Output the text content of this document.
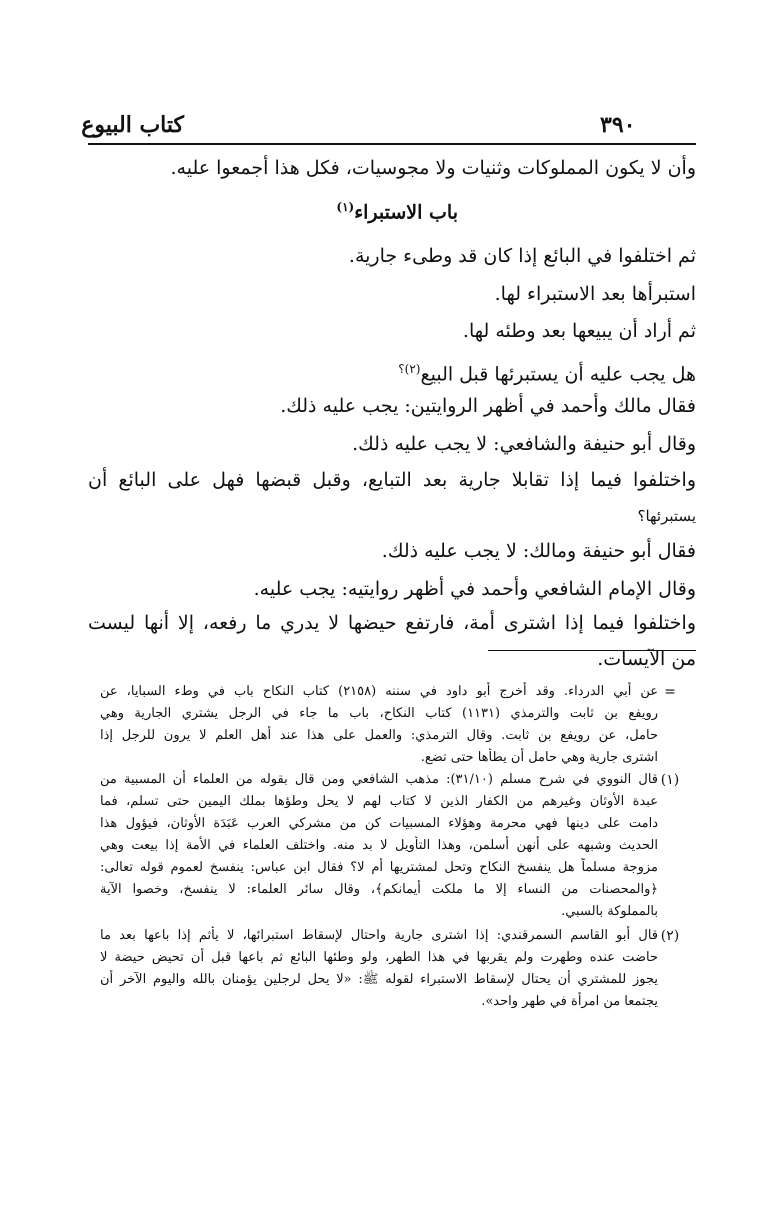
كتاب البيوع	٣٩٠
وأن لا يكون المملوكات وثنيات ولا مجوسيات، فكل هذا أجمعوا عليه.
باب الاستبراء$^{(١)}$
ثم اختلفوا في البائع إذا كان قد وطىء جارية.
استبرأها بعد الاستبراء لها.
ثم أراد أن يبيعها بعد وطئه لها.
هل يجب عليه أن يستبرئها قبل البيع$^{(٢)؟}$
فقال مالك وأحمد في أظهر الروايتين: يجب عليه ذلك.
وقال أبو حنيفة والشافعي: لا يجب عليه ذلك.
واختلفوا فيما إذا تقابلا جارية بعد التبايع، وقبل قبضها فهل على البائع أن
يستبرئها؟
فقال أبو حنيفة ومالك: لا يجب عليه ذلك.
وقال الإمام الشافعي وأحمد في أظهر روايتيه: يجب عليه.
واختلفوا فيما إذا اشترى أمة، فارتفع حيضها لا يدري ما رفعه، إلا أنها ليست
من الآيسات.
=
عن أبي الدرداء. وقد أخرج أبو داود في سننه (٢١٥٨) كتاب النكاح باب في وطء السبايا، عن
رويفع بن ثابت والترمذي (١١٣١) كتاب النكاح، باب ما جاء في الرجل يشتري الجارية وهي
حامل، عن رويفع بن ثابت. وقال الترمذي: والعمل على هذا عند أهل العلم لا يرون للرجل إذا
اشترى جارية وهي حامل أن يطأها حتى تضع.
(١)
قال النووي في شرح مسلم (٣١/١٠): مذهب الشافعي ومن قال بقوله من العلماء أن المسبية من
عبدة الأوثان وغيرهم من الكفار الذين لا كتاب لهم لا يحل وطؤها بملك اليمين حتى تسلم، فما
دامت على دينها فهي محرمة وهؤلاء المسبيات كن من مشركي العرب عَبَدَة الأوثان، فيؤول هذا
الحديث وشبهه على أنهن أسلمن، وهذا التأويل لا بد منه. واختلف العلماء في الأمة إذا بيعت وهي
مزوجة مسلماً هل ينفسخ النكاح وتحل لمشتريها أم لا؟ فقال ابن عباس: ينفسخ لعموم قوله تعالى:
﴿والمحصنات من النساء إلا ما ملكت أيمانكم﴾، وقال سائر العلماء: لا ينفسخ، وخصوا الآية
بالمملوكة بالسبي.
(٢)
قال أبو القاسم السمرقندي: إذا اشترى جارية واحتال لإسقاط استبرائها، لا يأثم إذا باعها بعد ما
حاضت عنده وطهرت ولم يقربها في هذا الطهر، ولو وطئها البائع ثم باعها قبل أن تحيض حيضة لا
يجوز للمشتري أن يحتال لإسقاط الاستبراء لقوله ﷺ: «لا يحل لرجلين يؤمنان بالله واليوم الآخر أن
يجتمعا من امرأة في طهر واحد».
